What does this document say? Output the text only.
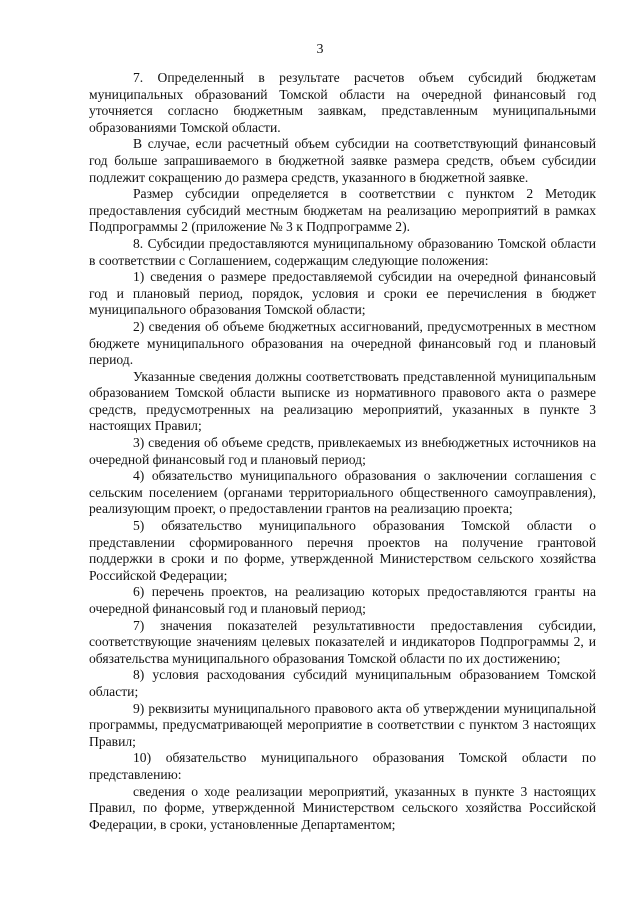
3

7. Определенный в результате расчетов объем субсидий бюджетам муниципальных образований Томской области на очередной финансовый год уточняется согласно бюджетным заявкам, представленным муниципальными образованиями Томской области.

В случае, если расчетный объем субсидии на соответствующий финансовый год больше запрашиваемого в бюджетной заявке размера средств, объем субсидии подлежит сокращению до размера средств, указанного в бюджетной заявке.

Размер субсидии определяется в соответствии с пунктом 2 Методик предоставления субсидий местным бюджетам на реализацию мероприятий в рамках Подпрограммы 2 (приложение № 3 к Подпрограмме 2).

8. Субсидии предоставляются муниципальному образованию Томской области в соответствии с Соглашением, содержащим следующие положения:

1) сведения о размере предоставляемой субсидии на очередной финансовый год и плановый период, порядок, условия и сроки ее перечисления в бюджет муниципального образования Томской области;

2) сведения об объеме бюджетных ассигнований, предусмотренных в местном бюджете муниципального образования на очередной финансовый год и плановый период.

Указанные сведения должны соответствовать представленной муниципальным образованием Томской области выписке из нормативного правового акта о размере средств, предусмотренных на реализацию мероприятий, указанных в пункте 3 настоящих Правил;

3) сведения об объеме средств, привлекаемых из внебюджетных источников на очередной финансовый год и плановый период;

4) обязательство муниципального образования о заключении соглашения с сельским поселением (органами территориального общественного самоуправления), реализующим проект, о предоставлении грантов на реализацию проекта;

5) обязательство муниципального образования Томской области о представлении сформированного перечня проектов на получение грантовой поддержки в сроки и по форме, утвержденной Министерством сельского хозяйства Российской Федерации;

6) перечень проектов, на реализацию которых предоставляются гранты на очередной финансовый год и плановый период;

7) значения показателей результативности предоставления субсидии, соответствующие значениям целевых показателей и индикаторов Подпрограммы 2, и обязательства муниципального образования Томской области по их достижению;

8) условия расходования субсидий муниципальным образованием Томской области;

9) реквизиты муниципального правового акта об утверждении муниципальной программы, предусматривающей мероприятие в соответствии с пунктом 3 настоящих Правил;

10) обязательство муниципального образования Томской области по представлению:

сведения о ходе реализации мероприятий, указанных в пункте 3 настоящих Правил, по форме, утвержденной Министерством сельского хозяйства Российской Федерации, в сроки, установленные Департаментом;
